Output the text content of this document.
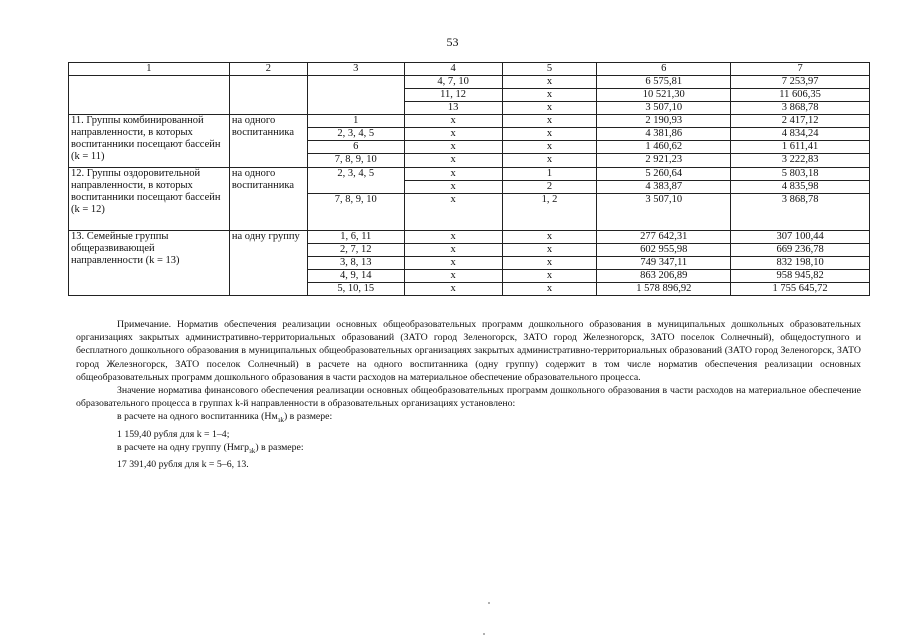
53
1	2	3	4	5	6	7
			4, 7, 10	x	6 575,81	7 253,97
			11, 12	x	10 521,30	11 606,35
			13	x	3 507,10	3 868,78
11. Группы комбинированной направленности, в которых воспитанники посещают бассейн (k = 11)	на одного воспитанника	1	x	x	2 190,93	2 417,12
		2, 3, 4, 5	x	x	4 381,86	4 834,24
		6	x	x	1 460,62	1 611,41
		7, 8, 9, 10	x	x	2 921,23	3 222,83
12. Группы оздоровительной направленности, в которых воспитанники посещают бассейн (k = 12)	на одного воспитанника	2, 3, 4, 5	x	1	5 260,64	5 803,18
			x	2	4 383,87	4 835,98
		7, 8, 9, 10	x	1, 2	3 507,10	3 868,78
13. Семейные группы общеразвивающей направленности (k = 13)	на одну группу	1, 6, 11	x	x	277 642,31	307 100,44
		2, 7, 12	x	x	602 955,98	669 236,78
		3, 8, 13	x	x	749 347,11	832 198,10
		4, 9, 14	x	x	863 206,89	958 945,82
		5, 10, 15	x	x	1 578 896,92	1 755 645,72

Примечание. Норматив обеспечения реализации основных общеобразовательных программ дошкольного образования в муниципальных дошкольных образовательных организациях закрытых административно-территориальных образований (ЗАТО город Зеленогорск, ЗАТО город Железногорск, ЗАТО поселок Солнечный), общедоступного и бесплатного дошкольного образования в муниципальных общеобразовательных организациях закрытых административно-территориальных образований (ЗАТО город Зеленогорск, ЗАТО город Железногорск, ЗАТО поселок Солнечный) в расчете на одного воспитанника (одну группу) содержит в том числе норматив обеспечения реализации основных общеобразовательных программ дошкольного образования в части расходов на материальное обеспечение образовательного процесса.

Значение норматива финансового обеспечения реализации основных общеобразовательных программ дошкольного образования в части расходов на материальное обеспечение образовательного процесса в группах k-й направленности в образовательных организациях установлено:

в расчете на одного воспитанника $(Нм_{зk})$ в размере:

1 159,40 рубля для k = 1–4;

в расчете на одну группу (Нмгр$_{зk}$) в размере:

17 391,40 рубля для k = 5–6, 13.
